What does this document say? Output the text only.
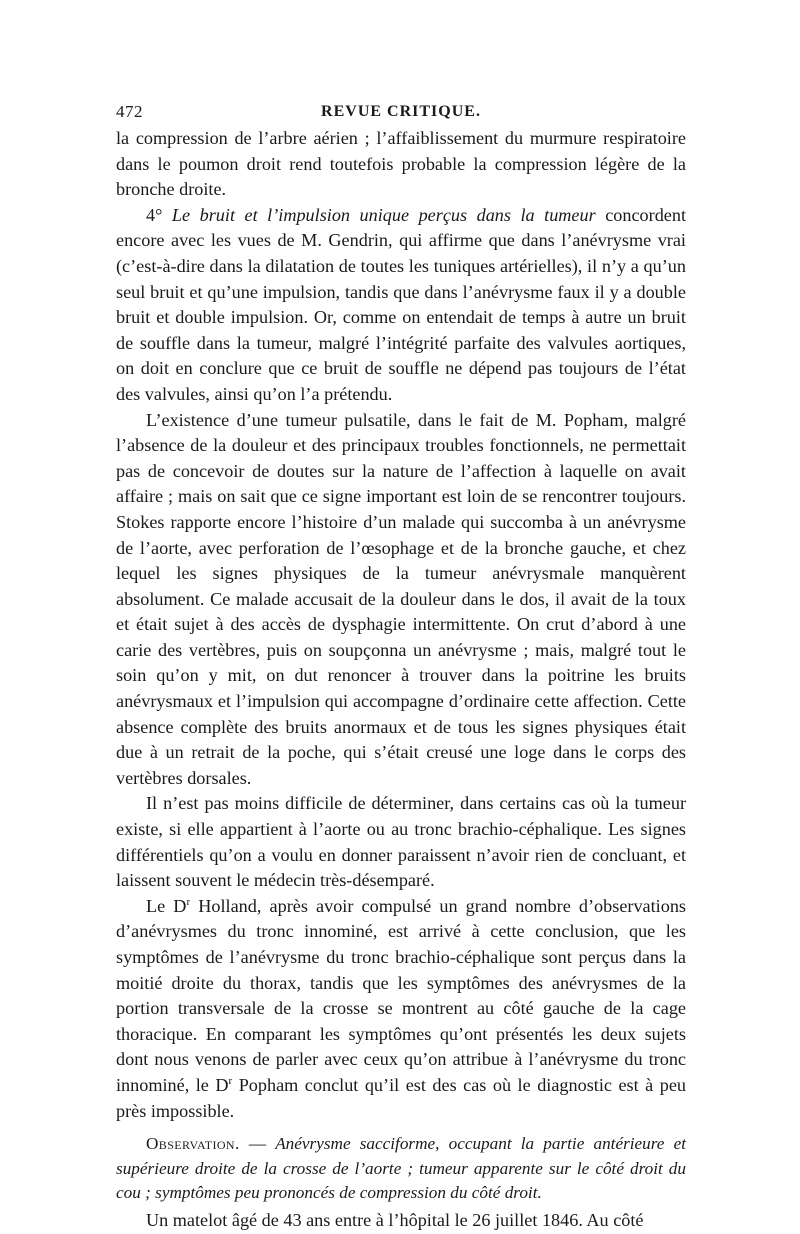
472	REVUE CRITIQUE.

la compression de l’arbre aérien ; l’affaiblissement du murmure respiratoire dans le poumon droit rend toutefois probable la compression légère de la bronche droite.

4° Le bruit et l’impulsion unique perçus dans la tumeur concordent encore avec les vues de M. Gendrin, qui affirme que dans l’anévrysme vrai (c’est-à-dire dans la dilatation de toutes les tuniques artérielles), il n’y a qu’un seul bruit et qu’une impulsion, tandis que dans l’anévrysme faux il y a double bruit et double impulsion. Or, comme on entendait de temps à autre un bruit de souffle dans la tumeur, malgré l’intégrité parfaite des valvules aortiques, on doit en conclure que ce bruit de souffle ne dépend pas toujours de l’état des valvules, ainsi qu’on l’a prétendu.

L’existence d’une tumeur pulsatile, dans le fait de M. Popham, malgré l’absence de la douleur et des principaux troubles fonctionnels, ne permettait pas de concevoir de doutes sur la nature de l’affection à laquelle on avait affaire ; mais on sait que ce signe important est loin de se rencontrer toujours. Stokes rapporte encore l’histoire d’un malade qui succomba à un anévrysme de l’aorte, avec perforation de l’œsophage et de la bronche gauche, et chez lequel les signes physiques de la tumeur anévrysmale manquèrent absolument. Ce malade accusait de la douleur dans le dos, il avait de la toux et était sujet à des accès de dysphagie intermittente. On crut d’abord à une carie des vertèbres, puis on soupçonna un anévrysme ; mais, malgré tout le soin qu’on y mit, on dut renoncer à trouver dans la poitrine les bruits anévrysmaux et l’impulsion qui accompagne d’ordinaire cette affection. Cette absence complète des bruits anormaux et de tous les signes physiques était due à un retrait de la poche, qui s’était creusé une loge dans le corps des vertèbres dorsales.

Il n’est pas moins difficile de déterminer, dans certains cas où la tumeur existe, si elle appartient à l’aorte ou au tronc brachio-céphalique. Les signes différentiels qu’on a voulu en donner paraissent n’avoir rien de concluant, et laissent souvent le médecin très-désemparé.

Le $D^r$ Holland, après avoir compulsé un grand nombre d’observations d’anévrysmes du tronc innominé, est arrivé à cette conclusion, que les symptômes de l’anévrysme du tronc brachio-céphalique sont perçus dans la moitié droite du thorax, tandis que les symptômes des anévrysmes de la portion transversale de la crosse se montrent au côté gauche de la cage thoracique. En comparant les symptômes qu’ont présentés les deux sujets dont nous venons de parler avec ceux qu’on attribue à l’anévrysme du tronc innominé, le $D^r$ Popham conclut qu’il est des cas où le diagnostic est à peu près impossible.

Observation. — Anévrysme sacciforme, occupant la partie antérieure et supérieure droite de la crosse de l’aorte ; tumeur apparente sur le côté droit du cou ; symptômes peu prononcés de compression du côté droit.

Un matelot âgé de 43 ans entre à l’hôpital le 26 juillet 1846. Au côté
